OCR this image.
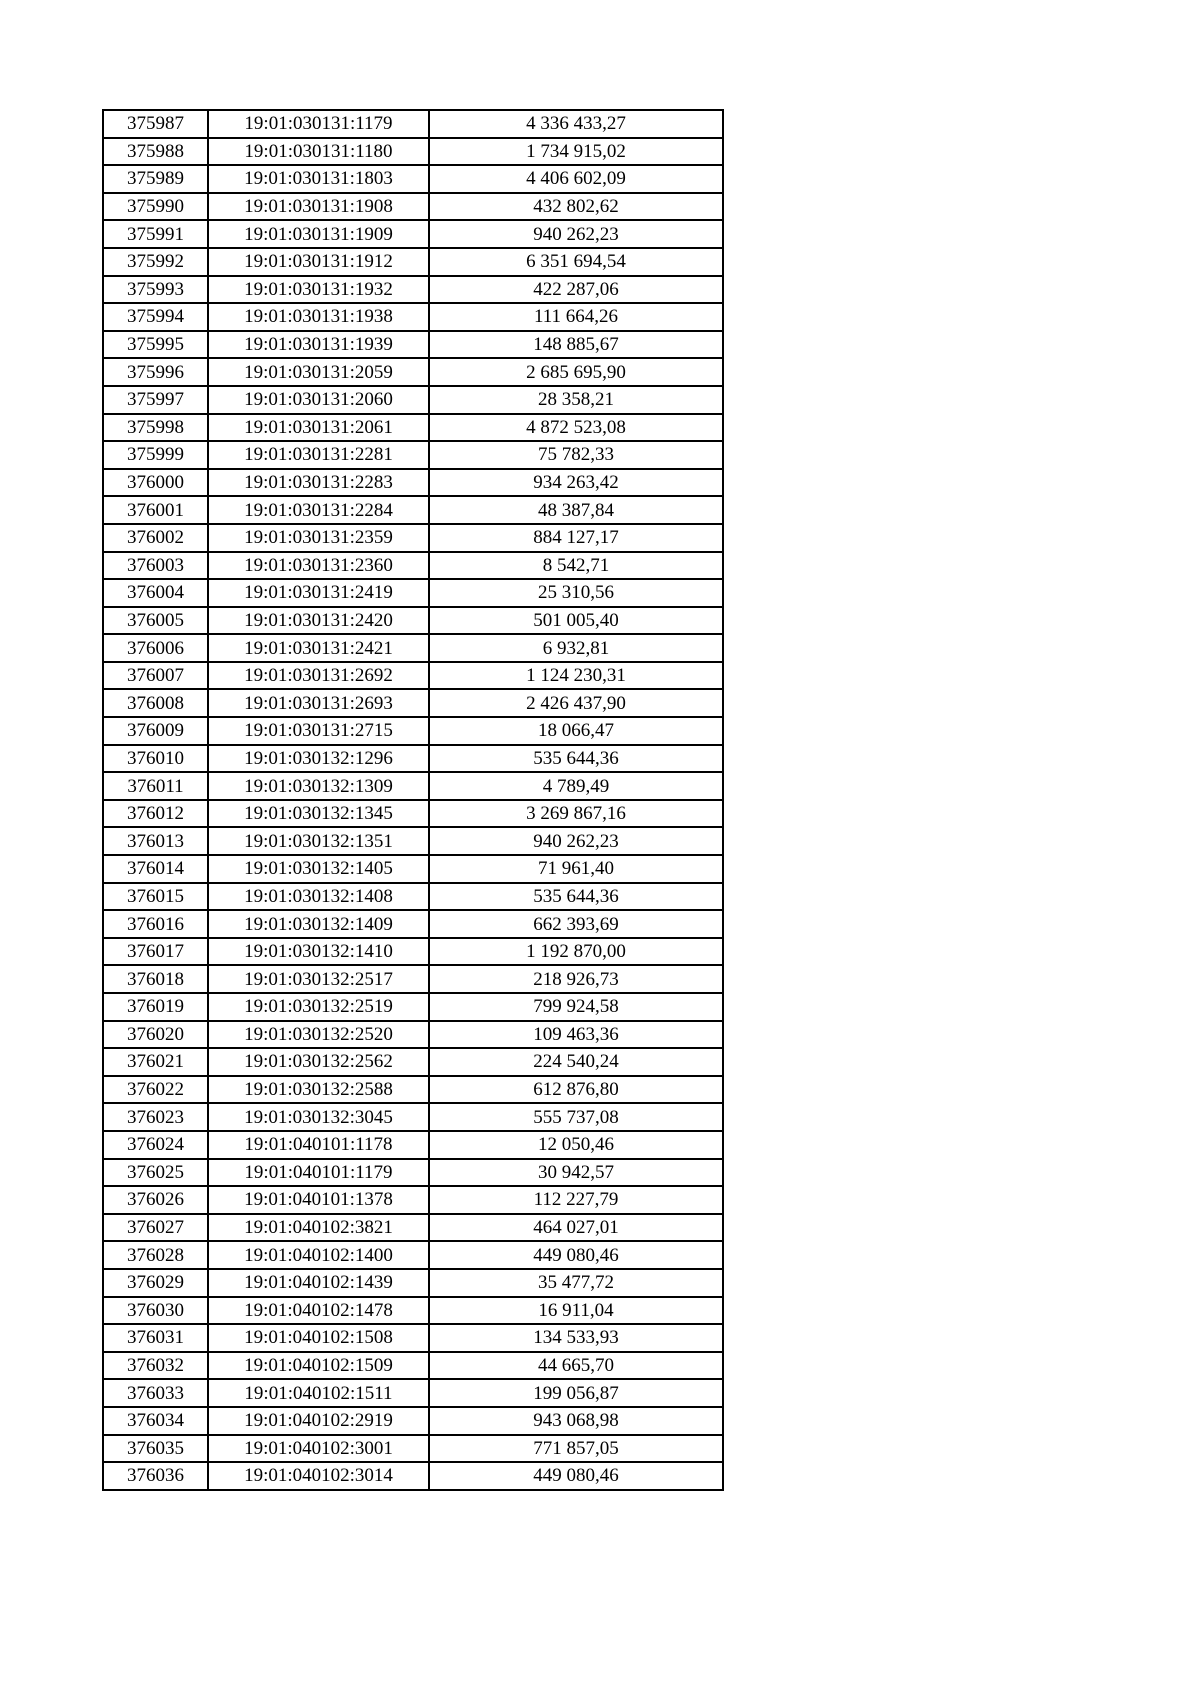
375987	19:01:030131:1179	4 336 433,27
375988	19:01:030131:1180	1 734 915,02
375989	19:01:030131:1803	4 406 602,09
375990	19:01:030131:1908	432 802,62
375991	19:01:030131:1909	940 262,23
375992	19:01:030131:1912	6 351 694,54
375993	19:01:030131:1932	422 287,06
375994	19:01:030131:1938	111 664,26
375995	19:01:030131:1939	148 885,67
375996	19:01:030131:2059	2 685 695,90
375997	19:01:030131:2060	28 358,21
375998	19:01:030131:2061	4 872 523,08
375999	19:01:030131:2281	75 782,33
376000	19:01:030131:2283	934 263,42
376001	19:01:030131:2284	48 387,84
376002	19:01:030131:2359	884 127,17
376003	19:01:030131:2360	8 542,71
376004	19:01:030131:2419	25 310,56
376005	19:01:030131:2420	501 005,40
376006	19:01:030131:2421	6 932,81
376007	19:01:030131:2692	1 124 230,31
376008	19:01:030131:2693	2 426 437,90
376009	19:01:030131:2715	18 066,47
376010	19:01:030132:1296	535 644,36
376011	19:01:030132:1309	4 789,49
376012	19:01:030132:1345	3 269 867,16
376013	19:01:030132:1351	940 262,23
376014	19:01:030132:1405	71 961,40
376015	19:01:030132:1408	535 644,36
376016	19:01:030132:1409	662 393,69
376017	19:01:030132:1410	1 192 870,00
376018	19:01:030132:2517	218 926,73
376019	19:01:030132:2519	799 924,58
376020	19:01:030132:2520	109 463,36
376021	19:01:030132:2562	224 540,24
376022	19:01:030132:2588	612 876,80
376023	19:01:030132:3045	555 737,08
376024	19:01:040101:1178	12 050,46
376025	19:01:040101:1179	30 942,57
376026	19:01:040101:1378	112 227,79
376027	19:01:040102:3821	464 027,01
376028	19:01:040102:1400	449 080,46
376029	19:01:040102:1439	35 477,72
376030	19:01:040102:1478	16 911,04
376031	19:01:040102:1508	134 533,93
376032	19:01:040102:1509	44 665,70
376033	19:01:040102:1511	199 056,87
376034	19:01:040102:2919	943 068,98
376035	19:01:040102:3001	771 857,05
376036	19:01:040102:3014	449 080,46
